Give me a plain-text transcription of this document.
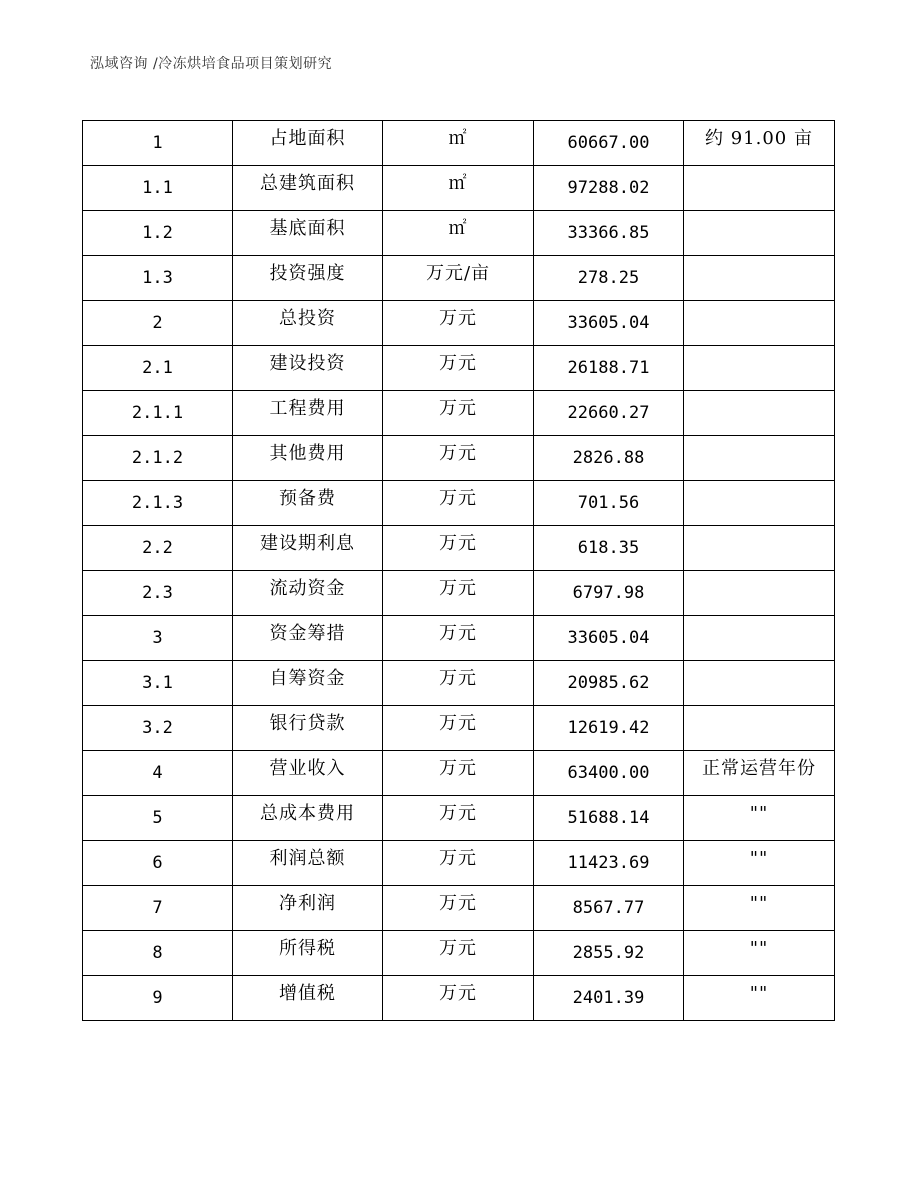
泓域咨询 /冷冻烘培食品项目策划研究
1	占地面积	㎡	60667.00	约 91.00 亩
1.1	总建筑面积	㎡	97288.02	
1.2	基底面积	㎡	33366.85	
1.3	投资强度	万元/亩	278.25	
2	总投资	万元	33605.04	
2.1	建设投资	万元	26188.71	
2.1.1	工程费用	万元	22660.27	
2.1.2	其他费用	万元	2826.88	
2.1.3	预备费	万元	701.56	
2.2	建设期利息	万元	618.35	
2.3	流动资金	万元	6797.98	
3	资金筹措	万元	33605.04	
3.1	自筹资金	万元	20985.62	
3.2	银行贷款	万元	12619.42	
4	营业收入	万元	63400.00	正常运营年份
5	总成本费用	万元	51688.14	""
6	利润总额	万元	11423.69	""
7	净利润	万元	8567.77	""
8	所得税	万元	2855.92	""
9	增值税	万元	2401.39	""
